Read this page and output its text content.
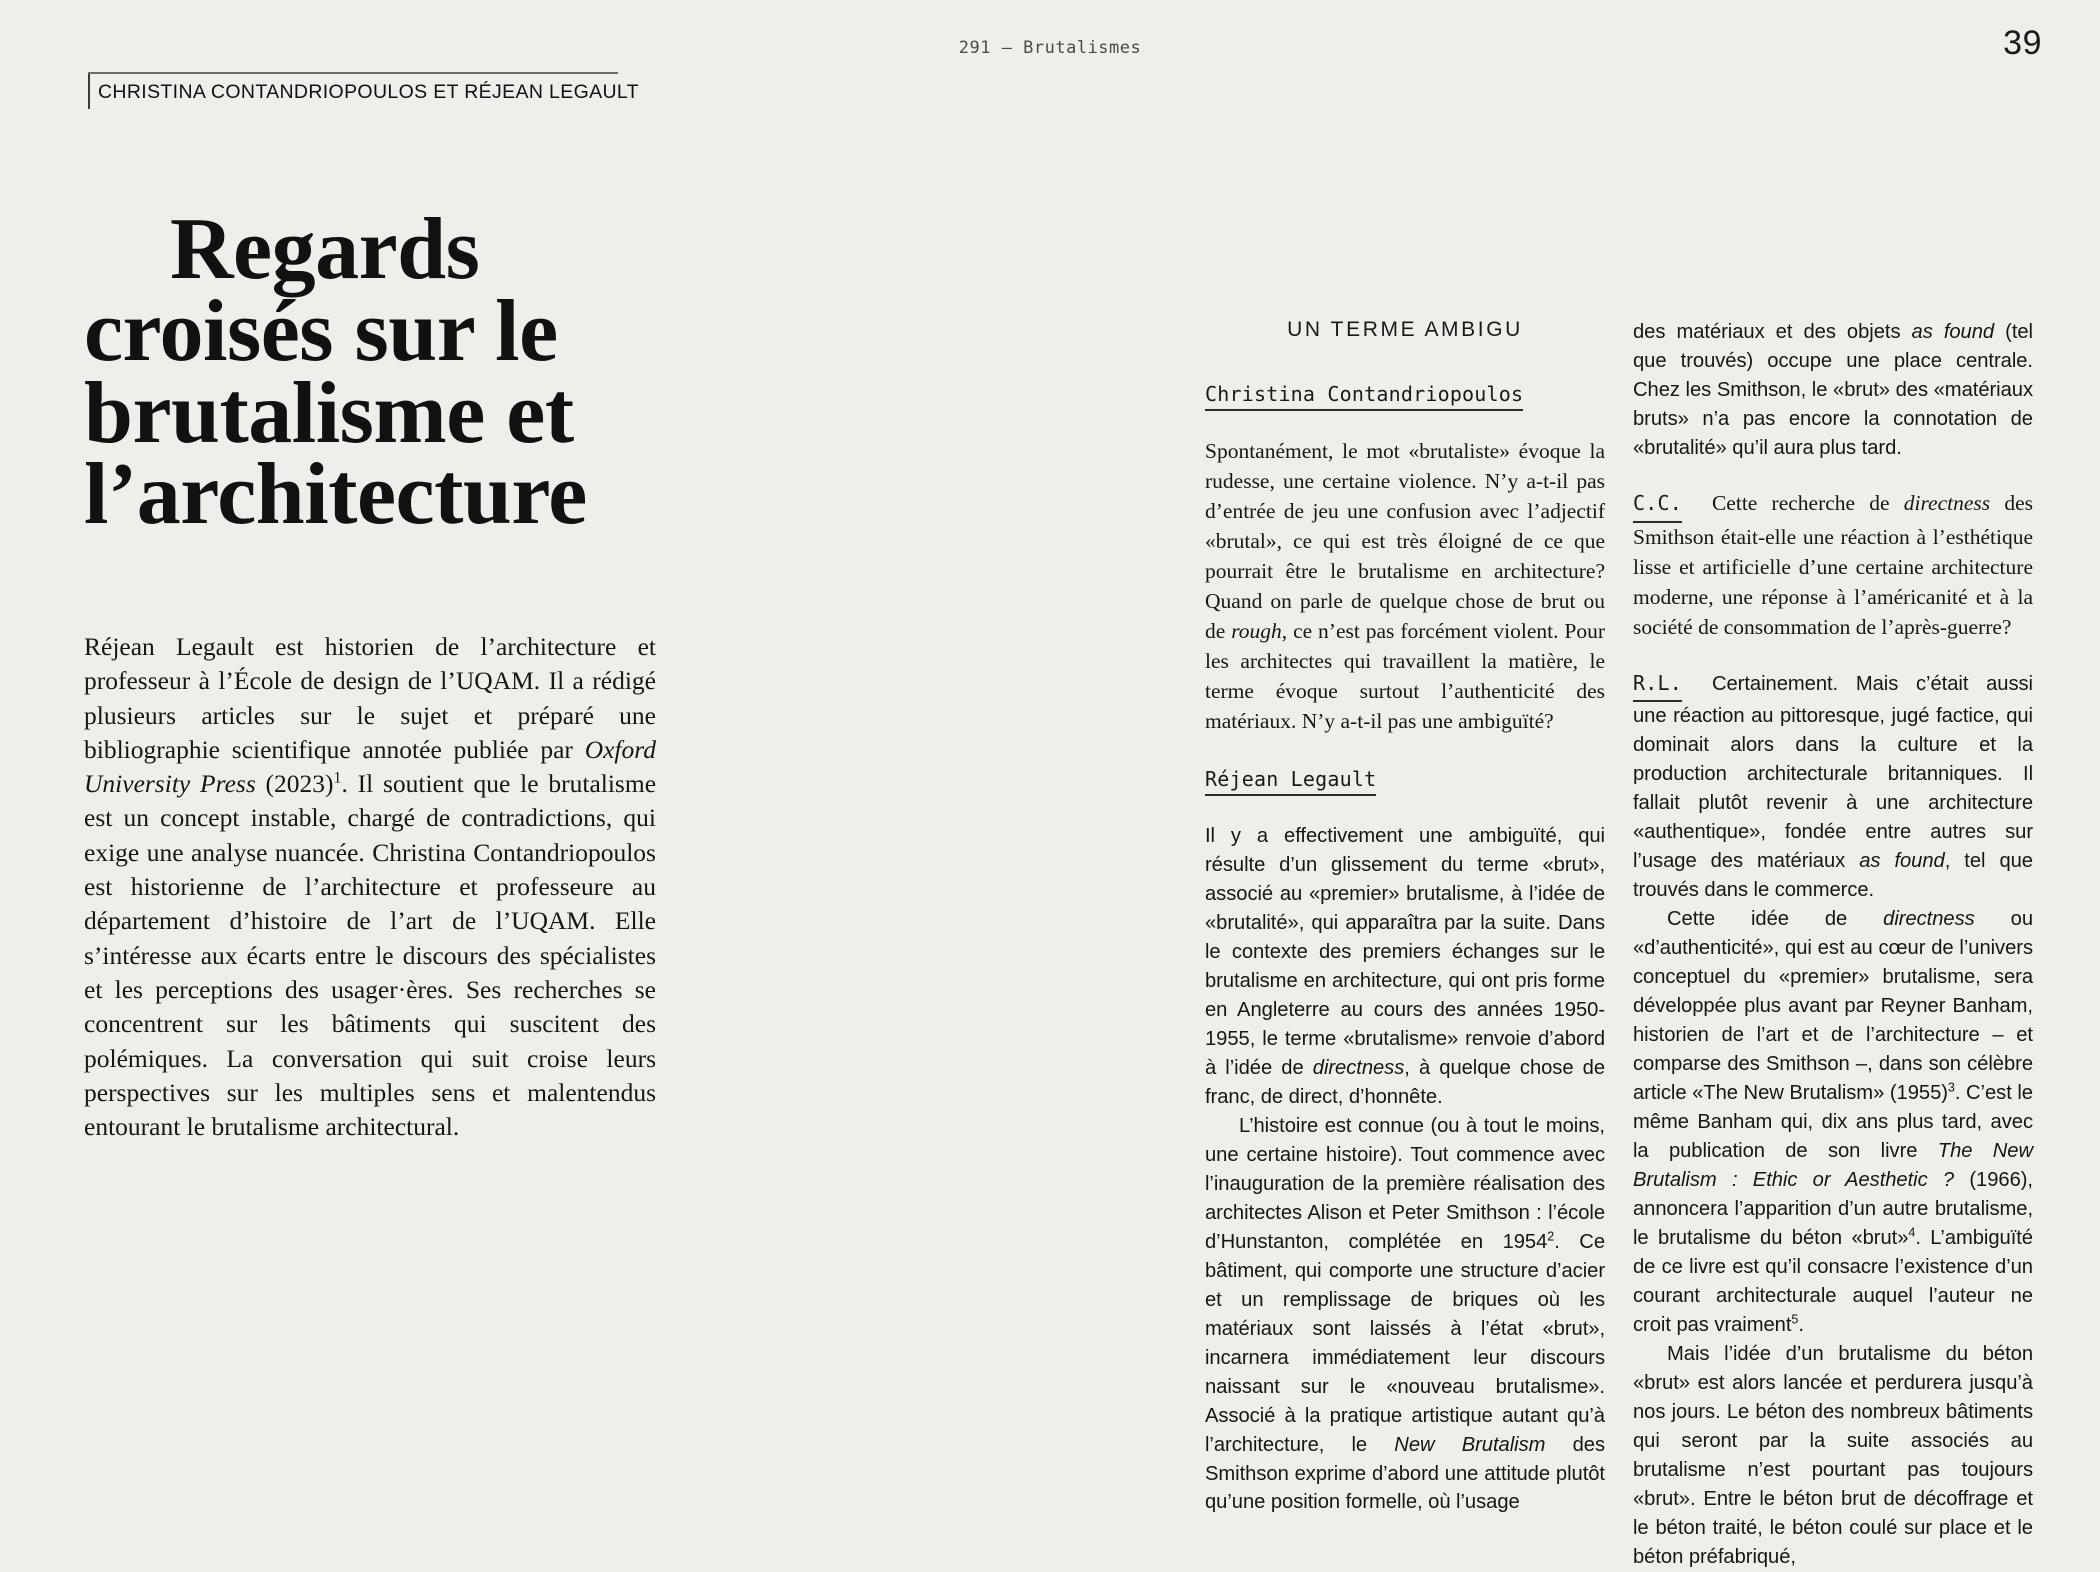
291 — Brutalismes	39
CHRISTINA CONTANDRIOPOULOS ET RÉJEAN LEGAULT
Regards
croisés sur le
brutalisme et
l’architecture
Réjean Legault est historien de l’architecture et professeur à l’École de design de l’UQAM. Il a rédigé plusieurs articles sur le sujet et préparé une bibliographie scientifique annotée publiée par Oxford University Press $(2023)^1$. Il soutient que le brutalisme est un concept instable, chargé de contradictions, qui exige une analyse nuancée. Christina Contandriopoulos est historienne de l’architecture et professeure au département d’histoire de l’art de l’UQAM. Elle s’intéresse aux écarts entre le discours des spécialistes et les perceptions des usager·ères. Ses recherches se concentrent sur les bâtiments qui suscitent des polémiques. La conversation qui suit croise leurs perspectives sur les multiples sens et malentendus entourant le brutalisme architectural.
UN TERME AMBIGU
Christina Contandriopoulos

Spontanément, le mot «brutaliste» évoque la rudesse, une certaine violence. N’y a-t-il pas d’entrée de jeu une confusion avec l’adjectif «brutal», ce qui est très éloigné de ce que pourrait être le brutalisme en architecture? Quand on parle de quelque chose de brut ou de rough, ce n’est pas forcément violent. Pour les architectes qui travaillent la matière, le terme évoque surtout l’authenticité des matériaux. N’y a-t-il pas une ambiguïté?

Réjean Legault

Il y a effectivement une ambiguïté, qui résulte d’un glissement du terme «brut», associé au «premier» brutalisme, à l’idée de «brutalité», qui apparaîtra par la suite. Dans le contexte des premiers échanges sur le brutalisme en architecture, qui ont pris forme en Angleterre au cours des années 1950-1955, le terme «brutalisme» renvoie d’abord à l’idée de directness, à quelque chose de franc, de direct, d’honnête.

L’histoire est connue (ou à tout le moins, une certaine histoire). Tout commence avec l’inauguration de la première réalisation des architectes Alison et Peter Smithson : l’école d’Hunstanton, complétée en 1954$^2$. Ce bâtiment, qui comporte une structure d’acier et un remplissage de briques où les matériaux sont laissés à l’état «brut», incarnera immédiatement leur discours naissant sur le «nouveau brutalisme». Associé à la pratique artistique autant qu’à l’architecture, le New Brutalism des Smithson exprime d’abord une attitude plutôt qu’une position formelle, où l’usage

des matériaux et des objets as found (tel que trouvés) occupe une place centrale. Chez les Smithson, le «brut» des «matériaux bruts» n’a pas encore la connotation de «brutalité» qu’il aura plus tard.

C.C. Cette recherche de directness des Smithson était-elle une réaction à l’esthétique lisse et artificielle d’une certaine architecture moderne, une réponse à l’américanité et à la société de consommation de l’après-guerre?

R.L. Certainement. Mais c’était aussi une réaction au pittoresque, jugé factice, qui dominait alors dans la culture et la production architecturale britanniques. Il fallait plutôt revenir à une architecture «authentique», fondée entre autres sur l’usage des matériaux as found, tel que trouvés dans le commerce.

Cette idée de directness ou «d’authenticité», qui est au cœur de l’univers conceptuel du «premier» brutalisme, sera développée plus avant par Reyner Banham, historien de l’art et de l’architecture – et comparse des Smithson –, dans son célèbre article «The New Brutalism» $(1955)^3$. C’est le même Banham qui, dix ans plus tard, avec la publication de son livre The New Brutalism : Ethic or Aesthetic ? (1966), annoncera l’apparition d’un autre brutalisme, le brutalisme du béton «brut»$^4$. L’ambiguïté de ce livre est qu’il consacre l’existence d’un courant architecturale auquel l’auteur ne croit pas vraiment$^5$.

Mais l’idée d’un brutalisme du béton «brut» est alors lancée et perdurera jusqu’à nos jours. Le béton des nombreux bâtiments qui seront par la suite associés au brutalisme n’est pourtant pas toujours «brut». Entre le béton brut de décoffrage et le béton traité, le béton coulé sur place et le béton préfabriqué,
